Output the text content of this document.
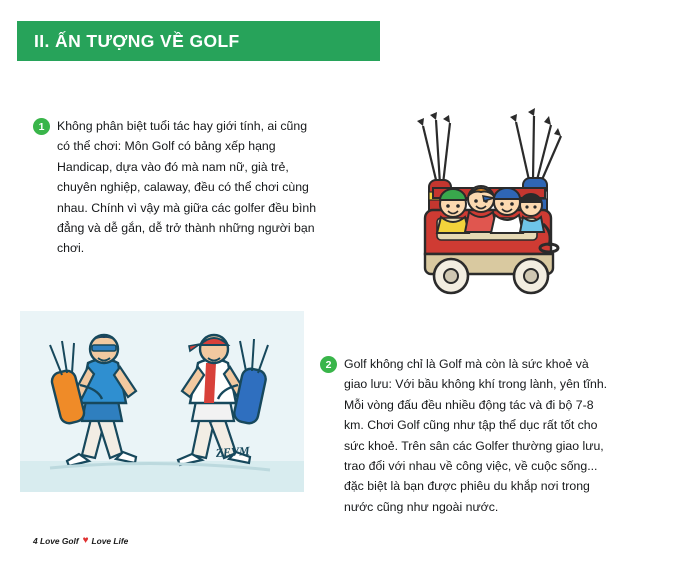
II. ẤN TƯỢNG VỀ GOLF
1	Không phân biệt tuổi tác hay giới tính, ai cũng có thể chơi: Môn Golf có bảng xếp hạng Handicap, dựa vào đó mà nam nữ, già trẻ, chuyên nghiệp, calaway, đều có thể chơi cùng nhau. Chính vì vậy mà giữa các golfer đều bình đẳng và dễ gắn, dễ trở thành những người bạn chơi.
ZEVM
2	Golf không chỉ là Golf mà còn là sức khoẻ và giao lưu: Với bầu không khí trong lành, yên tĩnh. Mỗi vòng đấu đều nhiều động tác và đi bộ 7-8 km. Chơi Golf cũng như tập thể dục rất tốt cho sức khoẻ. Trên sân các Golfer thường giao lưu, trao đổi với nhau về công việc, về cuộc sống... đặc biệt là bạn được phiêu du khắp nơi trong nước cũng như ngoài nước.
4 Love Golf ♥ Love Life
